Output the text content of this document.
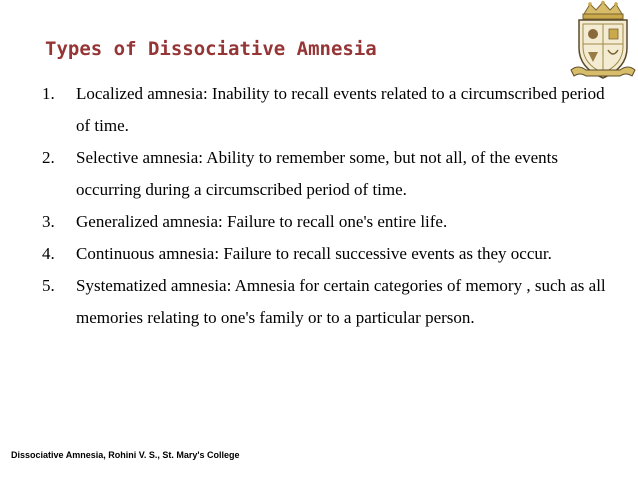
Types of Dissociative Amnesia
1. Localized amnesia: Inability to recall events related to a circumscribed period of time.
2. Selective amnesia: Ability to remember some, but not all, of the events occurring during a circumscribed period of time.
3. Generalized amnesia: Failure to recall one's entire life.
4. Continuous amnesia: Failure to recall successive events as they occur.
5. Systematized amnesia: Amnesia for certain categories of memory , such as all memories relating to one's family or to a particular person.

Dissociative Amnesia, Rohini V. S., St. Mary's College
